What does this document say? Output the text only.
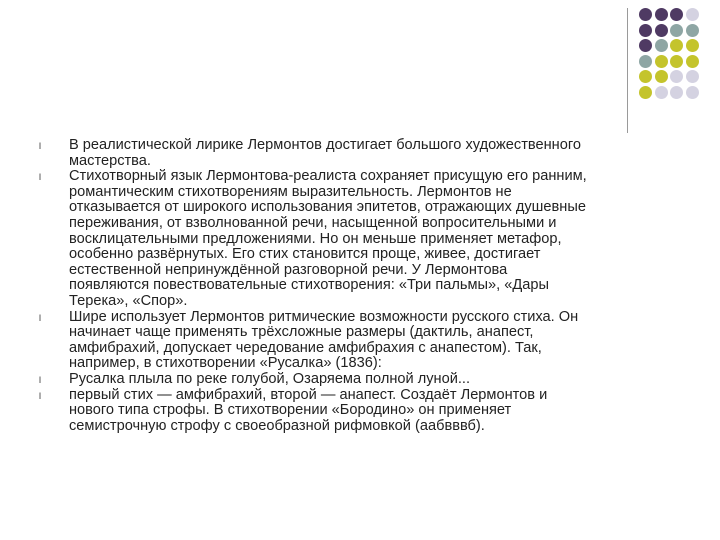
l В реалистической лирике Лермонтов достигает большого художественного
мастерства.
l Стихотворный язык Лермонтова-реалиста сохраняет присущую его ранним,
романтическим стихотворениям выразительность. Лермонтов не
отказывается от широкого использования эпитетов, отражающих душевные
переживания, от взволнованной речи, насыщенной вопросительными и
восклицательными предложениями. Но он меньше применяет метафор,
особенно развёрнутых. Его стих становится проще, живее, достигает
естественной непринуждённой разговорной речи. У Лермонтова
появляются повествовательные стихотворения: «Три пальмы», «Дары
Терека», «Спор».
l Шире использует Лермонтов ритмические возможности русского стиха. Он
начинает чаще применять трёхсложные размеры (дактиль, анапест,
амфибрахий, допускает чередование амфибрахия с анапестом). Так,
например, в стихотворении «Русалка» (1836):
l Русалка плыла по реке голубой, Озаряема полной луной...
l первый стих — амфибрахий, второй — анапест. Создаёт Лермонтов и
нового типа строфы. В стихотворении «Бородино» он применяет
семистрочную строфу с своеобразной рифмовкой (аабвввб).
